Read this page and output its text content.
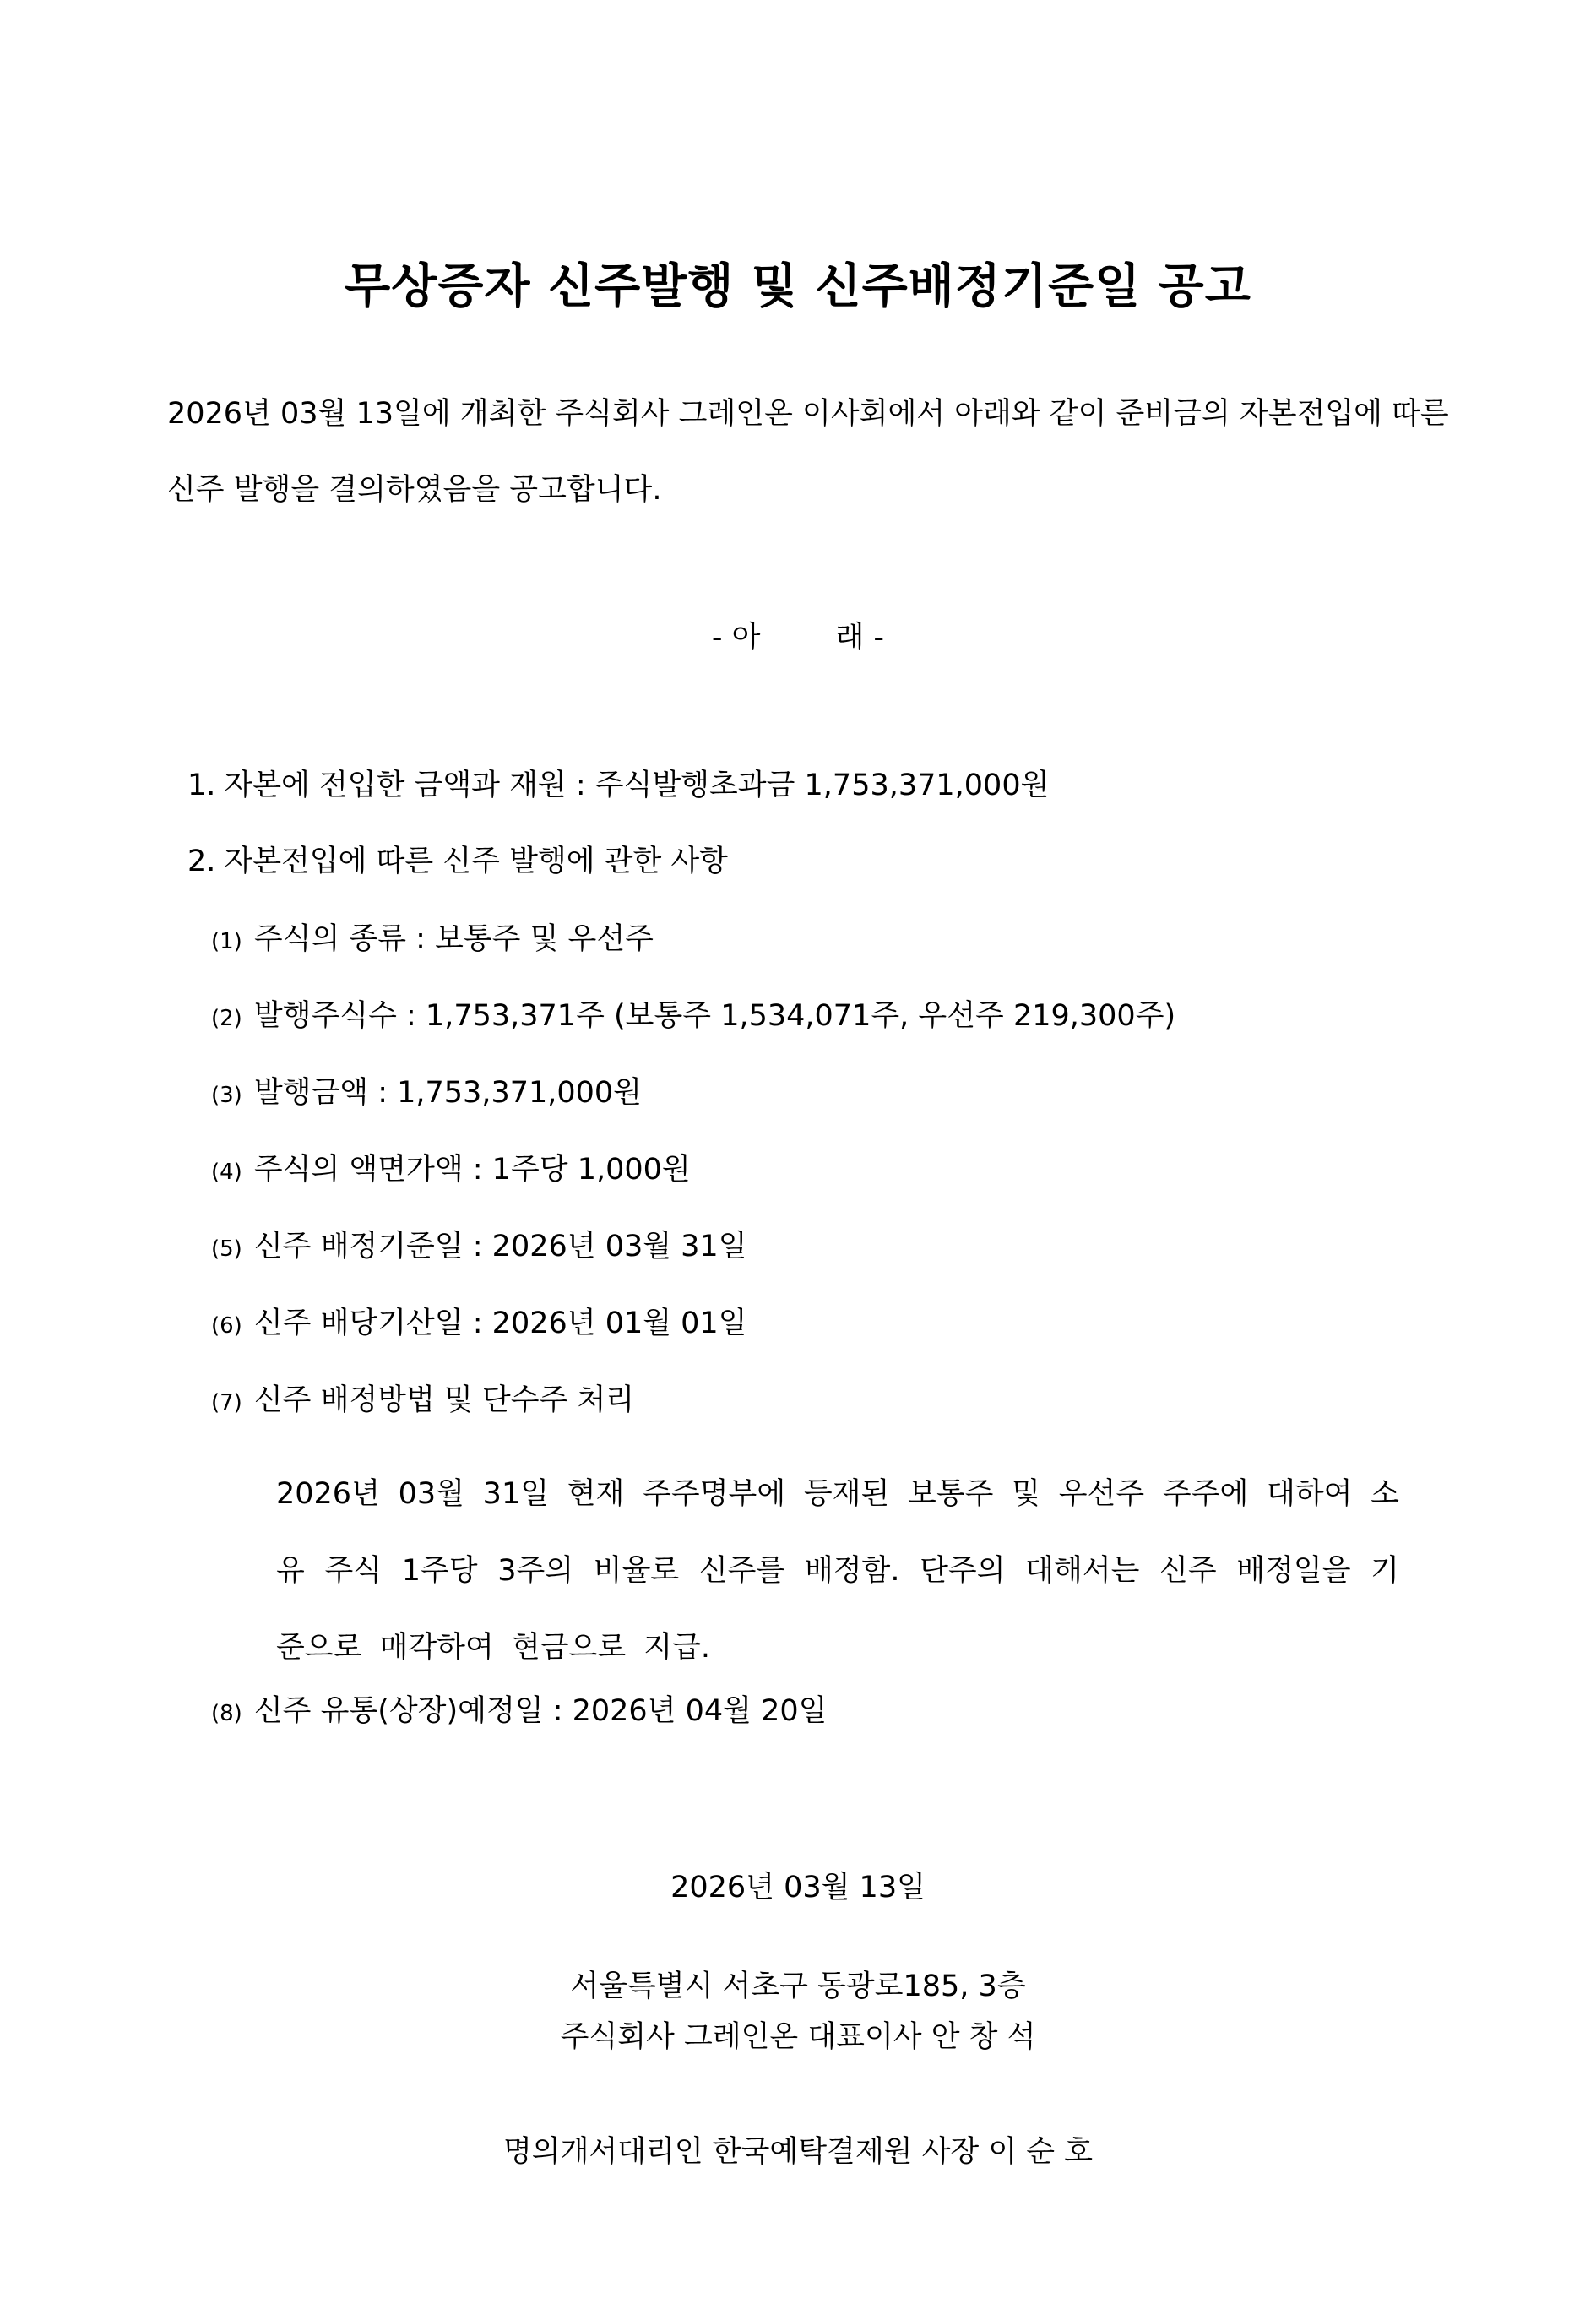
무상증자 신주발행 및 신주배정기준일 공고
2026년 03월 13일에 개최한 주식회사 그레인온 이사회에서 아래와 같이 준비금의 자본전입에 따른
신주 발행을 결의하였음을 공고합니다.
- 아        래 -
1. 자본에 전입한 금액과 재원 : 주식발행초과금 1,753,371,000원
2. 자본전입에 따른 신주 발행에 관한 사항
(1) 주식의 종류 : 보통주 및 우선주
(2) 발행주식수 : 1,753,371주 (보통주 1,534,071주, 우선주 219,300주)
(3) 발행금액 : 1,753,371,000원
(4) 주식의 액면가액 : 1주당 1,000원
(5) 신주 배정기준일 : 2026년 03월 31일
(6) 신주 배당기산일 : 2026년 01월 01일
(7) 신주 배정방법 및 단수주 처리
2026년 03월 31일 현재 주주명부에 등재된 보통주 및 우선주 주주에 대하여 소유 주식 1주당 3주의 비율로 신주를 배정함. 단주의 대해서는 신주 배정일을 기준으로 매각하여 현금으로 지급.
(8) 신주 유통(상장)예정일 : 2026년 04월 20일
2026년 03월 13일
서울특별시 서초구 동광로185, 3층
주식회사 그레인온 대표이사 안 창 석
명의개서대리인 한국예탁결제원 사장 이 순 호
